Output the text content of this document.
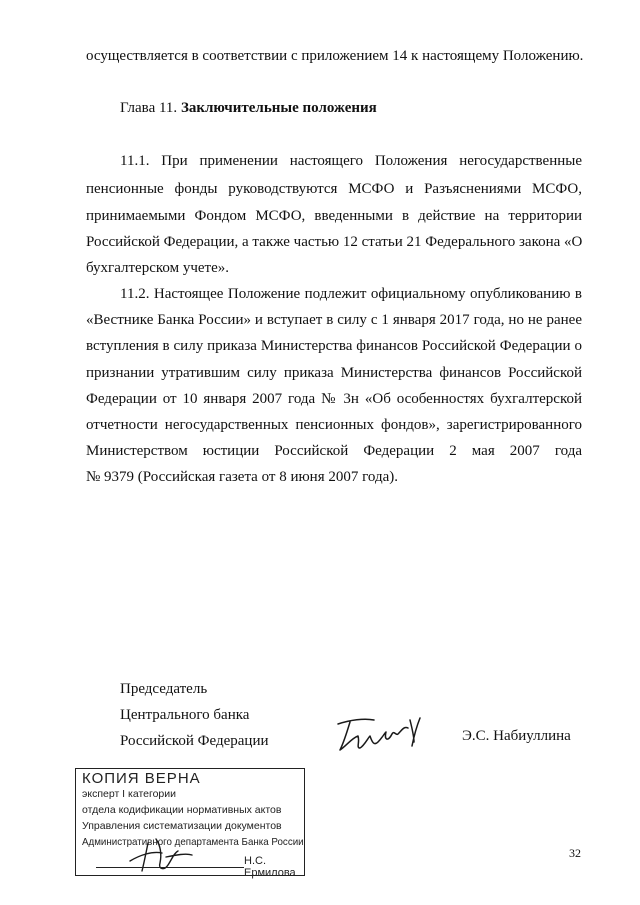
осуществляется в соответствии с приложением 14 к настоящему Положению.
Глава 11. Заключительные положения
11.1. При применении настоящего Положения негосударственные
пенсионные фонды руководствуются МСФО и Разъяснениями МСФО,
принимаемыми Фондом МСФО, введенными в действие на территории
Российской Федерации, а также частью 12 статьи 21 Федерального закона «О
бухгалтерском учете».
11.2. Настоящее Положение подлежит официальному опубликованию в
«Вестнике Банка России» и вступает в силу с 1 января 2017 года, но не ранее
вступления в силу приказа Министерства финансов Российской Федерации о
признании утратившим силу приказа Министерства финансов Российской
Федерации от 10 января 2007 года № 3н «Об особенностях бухгалтерской
отчетности негосударственных пенсионных фондов», зарегистрированного
Министерством юстиции Российской Федерации 2 мая 2007 года
№ 9379 (Российская газета от 8 июня 2007 года).
Председатель
Центрального банка
Российской Федерации	Э.С. Набиуллина
КОПИЯ ВЕРНА
эксперт I категории
отдела кодификации нормативных актов
Управления систематизации документов
Административного департамента Банка России
Н.С. Ермилова
32
